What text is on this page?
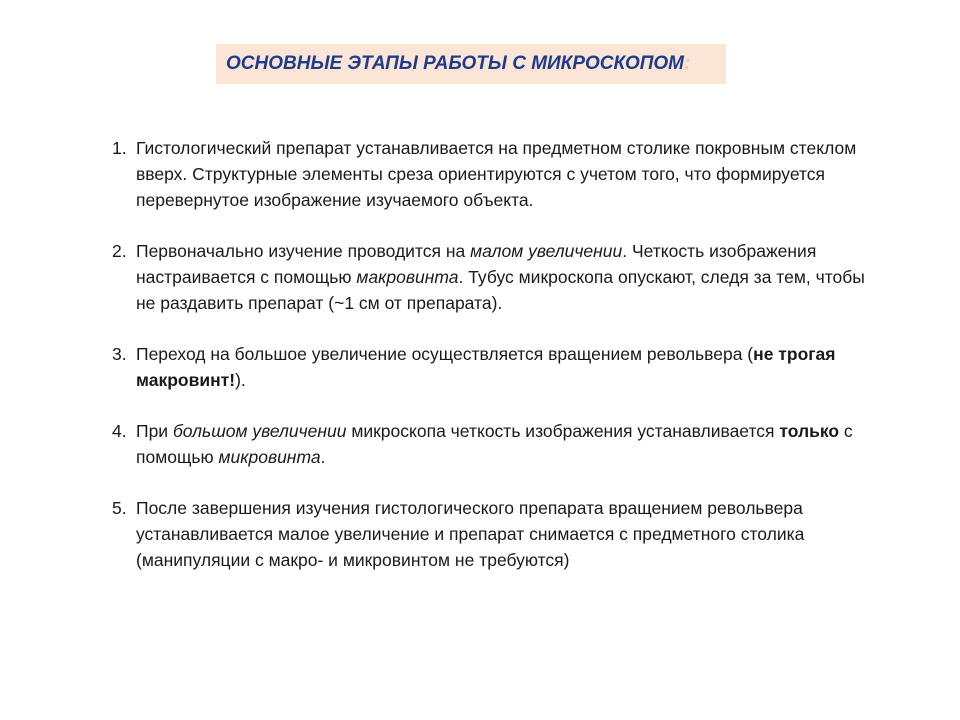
ОСНОВНЫЕ ЭТАПЫ РАБОТЫ С МИКРОСКОПОМ:
1. Гистологический препарат устанавливается на предметном столике покровным стеклом вверх. Структурные элементы среза ориентируются с учетом того, что формируется перевернутое изображение изучаемого объекта.
2. Первоначально изучение проводится на малом увеличении. Четкость изображения настраивается с помощью макровинта. Тубус микроскопа опускают, следя за тем, чтобы не раздавить препарат (~1 см от препарата).
3. Переход на большое увеличение осуществляется вращением револьвера (не трогая макровинт!).
4. При большом увеличении микроскопа четкость изображения устанавливается только с помощью микровинта.
5. После завершения изучения гистологического препарата вращением револьвера устанавливается малое увеличение и препарат снимается с предметного столика (манипуляции с макро- и микровинтом не требуются)
